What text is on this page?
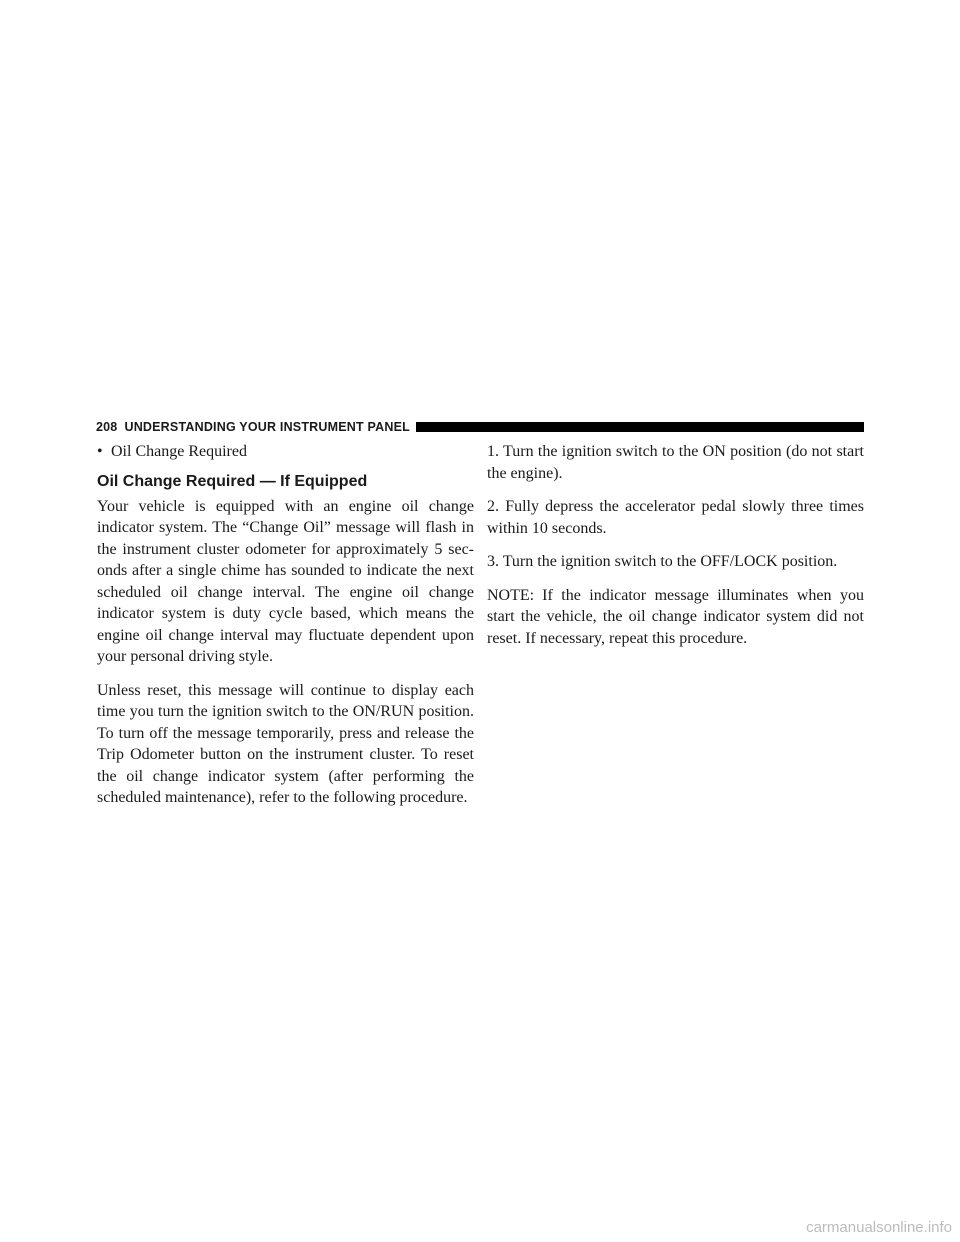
208 UNDERSTANDING YOUR INSTRUMENT PANEL
• Oil Change Required
Oil Change Required — If Equipped

Your vehicle is equipped with an engine oil change indicator system. The “Change Oil” message will flash in the instrument cluster odometer for approximately 5 sec- onds after a single chime has sounded to indicate the next scheduled oil change interval. The engine oil change indicator system is duty cycle based, which means the engine oil change interval may fluctuate dependent upon your personal driving style.

Unless reset, this message will continue to display each time you turn the ignition switch to the ON/RUN position. To turn off the message temporarily, press and release the Trip Odometer button on the instrument cluster. To reset the oil change indicator system (after performing the scheduled maintenance), refer to the following procedure.

1. Turn the ignition switch to the ON position (do not start the engine).

2. Fully depress the accelerator pedal slowly three times within 10 seconds.

3. Turn the ignition switch to the OFF/LOCK position.

NOTE: If the indicator message illuminates when you start the vehicle, the oil change indicator system did not reset. If necessary, repeat this procedure.

carmanualsonline.info
